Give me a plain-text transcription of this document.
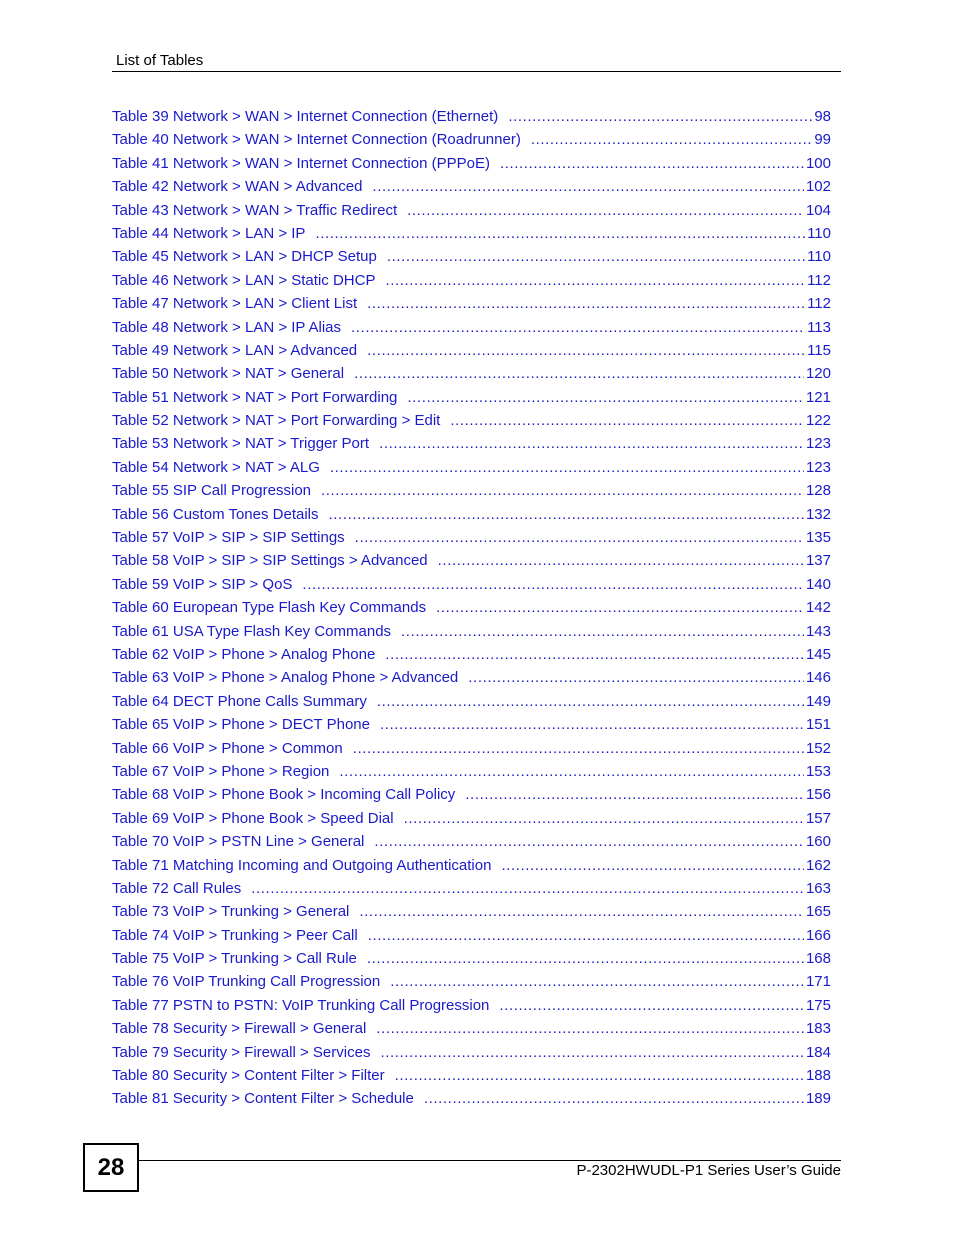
List of Tables
Table 39 Network > WAN > Internet Connection (Ethernet) .....	98
Table 40 Network > WAN > Internet Connection (Roadrunner) .....	99
Table 41 Network > WAN > Internet Connection (PPPoE) .....	100
Table 42 Network > WAN > Advanced .....	102
Table 43 Network > WAN > Traffic Redirect .....	104
Table 44 Network > LAN > IP .....	110
Table 45 Network > LAN > DHCP Setup .....	110
Table 46 Network > LAN > Static DHCP .....	112
Table 47 Network > LAN > Client List .....	112
Table 48 Network > LAN > IP Alias .....	113
Table 49 Network > LAN > Advanced .....	115
Table 50 Network > NAT > General .....	120
Table 51 Network > NAT > Port Forwarding .....	121
Table 52 Network > NAT > Port Forwarding > Edit .....	122
Table 53 Network > NAT > Trigger Port .....	123
Table 54 Network > NAT > ALG .....	123
Table 55 SIP Call Progression .....	128
Table 56 Custom Tones Details .....	132
Table 57 VoIP > SIP > SIP Settings .....	135
Table 58 VoIP > SIP > SIP Settings > Advanced .....	137
Table 59 VoIP > SIP > QoS .....	140
Table 60 European Type Flash Key Commands .....	142
Table 61 USA Type Flash Key Commands .....	143
Table 62 VoIP > Phone > Analog Phone .....	145
Table 63 VoIP > Phone > Analog Phone > Advanced .....	146
Table 64 DECT Phone Calls Summary .....	149
Table 65 VoIP > Phone > DECT Phone .....	151
Table 66 VoIP > Phone > Common .....	152
Table 67 VoIP > Phone > Region .....	153
Table 68 VoIP > Phone Book > Incoming Call Policy .....	156
Table 69 VoIP > Phone Book > Speed Dial .....	157
Table 70 VoIP > PSTN Line > General .....	160
Table 71 Matching Incoming and Outgoing Authentication .....	162
Table 72 Call Rules .....	163
Table 73 VoIP > Trunking > General .....	165
Table 74 VoIP > Trunking > Peer Call .....	166
Table 75 VoIP > Trunking > Call Rule .....	168
Table 76 VoIP Trunking Call Progression .....	171
Table 77 PSTN to PSTN: VoIP Trunking Call Progression .....	175
Table 78 Security > Firewall > General .....	183
Table 79 Security > Firewall > Services .....	184
Table 80 Security > Content Filter > Filter .....	188
Table 81 Security > Content Filter > Schedule .....	189
28	P-2302HWUDL-P1 Series User’s Guide
